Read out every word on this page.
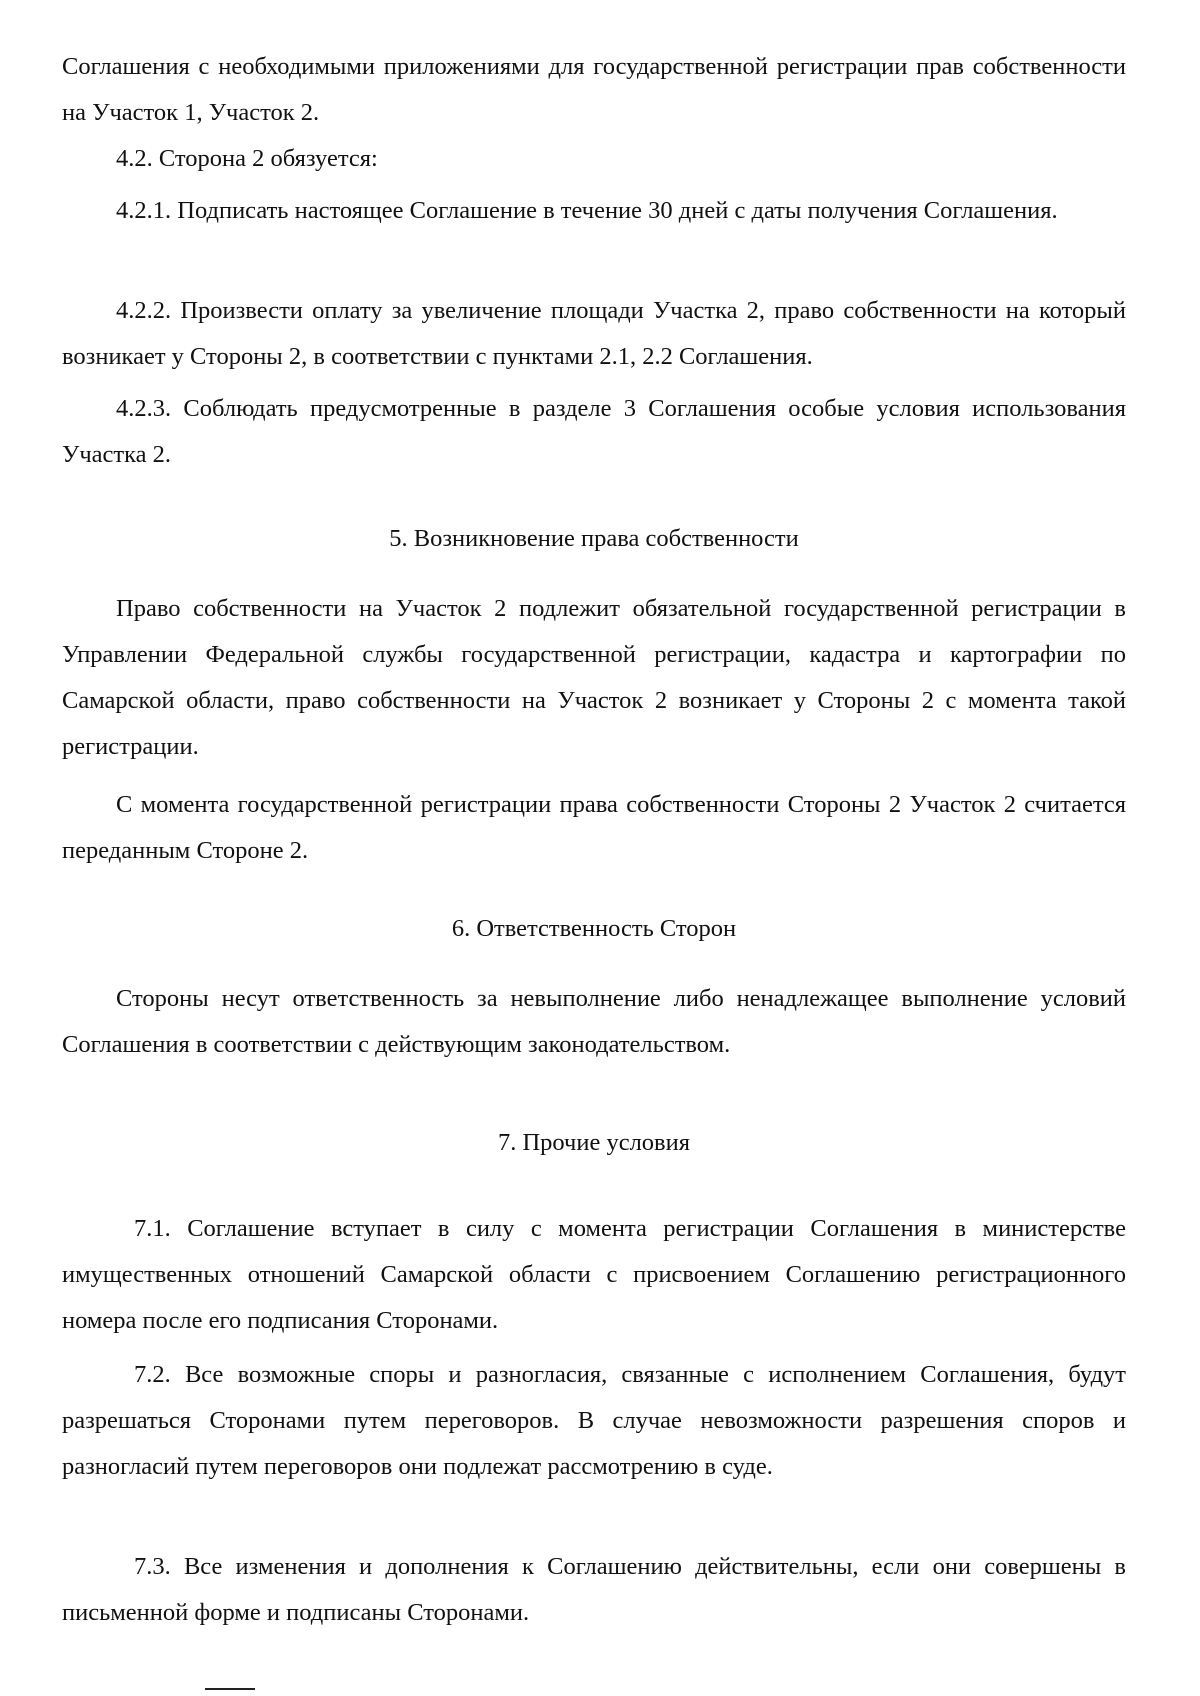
Соглашения с необходимыми приложениями для государственной регистрации прав собственности на Участок 1, Участок 2.

4.2. Сторона 2 обязуется:

4.2.1. Подписать настоящее Соглашение в течение 30 дней с даты получения Соглашения.

4.2.2. Произвести оплату за увеличение площади Участка 2, право собственности на который возникает у Стороны 2, в соответствии с пунктами 2.1, 2.2 Соглашения.

4.2.3. Соблюдать предусмотренные в разделе 3 Соглашения особые условия использования Участка 2.

5. Возникновение права собственности

Право собственности на Участок 2 подлежит обязательной государственной регистрации в Управлении Федеральной службы государственной регистрации, кадастра и картографии по Самарской области, право собственности на Участок 2 возникает у Стороны 2 с момента такой регистрации.

С момента государственной регистрации права собственности Стороны 2 Участок 2 считается переданным Стороне 2.

6. Ответственность Сторон

Стороны несут ответственность за невыполнение либо ненадлежащее выполнение условий Соглашения в соответствии с действующим законодательством.

7. Прочие условия

7.1. Соглашение вступает в силу с момента регистрации Соглашения в министерстве имущественных отношений Самарской области с присвоением Соглашению регистрационного номера после его подписания Сторонами.

7.2. Все возможные споры и разногласия, связанные с исполнением Соглашения, будут разрешаться Сторонами путем переговоров. В случае невозможности разрешения споров и разногласий путем переговоров они подлежат рассмотрению в суде.

7.3. Все изменения и дополнения к Соглашению действительны, если они совершены в письменной форме и подписаны Сторонами.
